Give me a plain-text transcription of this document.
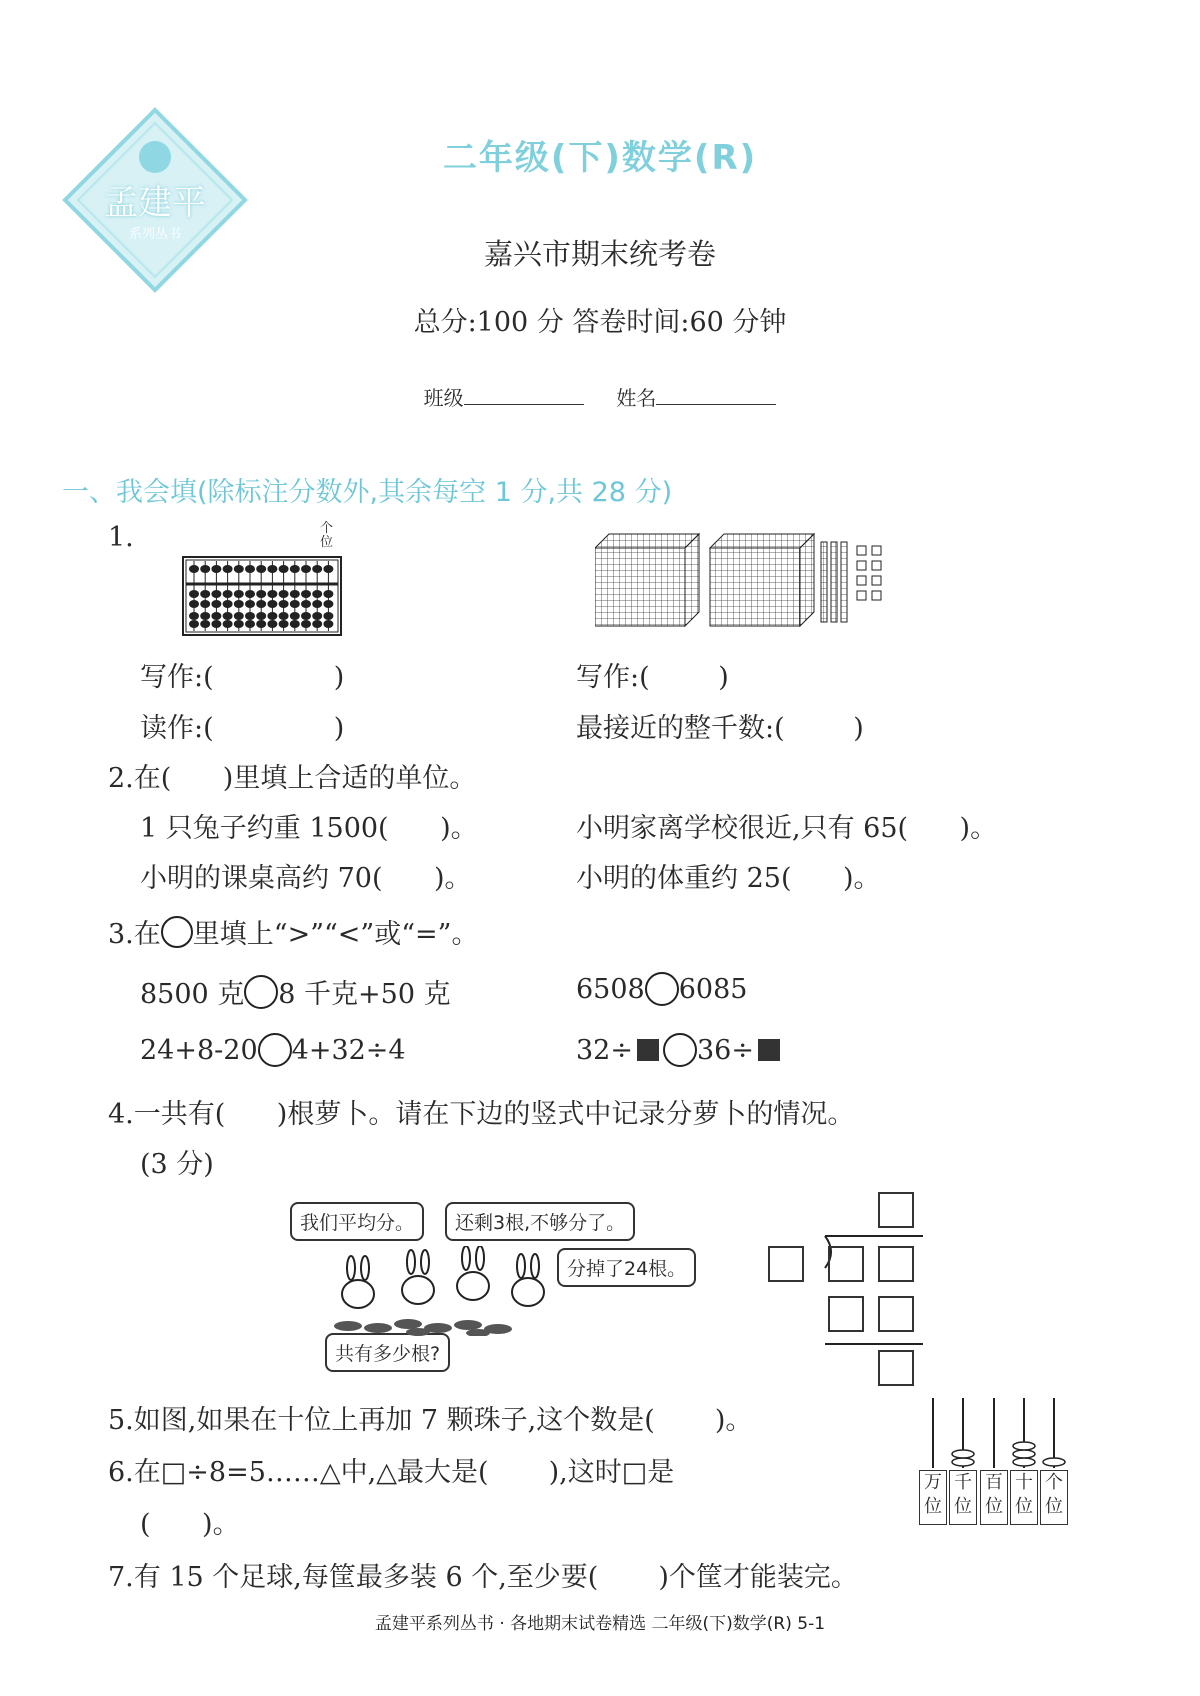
孟建平
系列丛书
二年级(下)数学(R)
嘉兴市期末统考卷
总分:100 分 答卷时间:60 分钟
班级	姓名
一、我会填(除标注分数外,其余每空 1 分,共 28 分)
1.	个
位
写作:(              )
读作:(              )
写作:(        )
最接近的整千数:(        )
2.在(      )里填上合适的单位。
1 只兔子约重 1500(      )。	小明家离学校很近,只有 65(      )。
小明的课桌高约 70(      )。	小明的体重约 25(      )。
3.在 里填上“>”“<”或“=”。
8500 克 8 千克+50 克	6508 6085
24+8-20 4+32÷4	32÷ 36÷
4.一共有(      )根萝卜。请在下边的竖式中记录分萝卜的情况。
(3 分)
我们平均分。	还剩3根,不够分了。
分掉了24根。
共有多少根?
5.如图,如果在十位上再加 7 颗珠子,这个数是(       )。
万 位
千 位
百 位
十 位
个 位
6.在□÷8=5……△中,△最大是(       ),这时□是
(      )。
7.有 15 个足球,每筐最多装 6 个,至少要(       )个筐才能装完。
孟建平系列丛书 · 各地期末试卷精选 二年级(下)数学(R) 5-1
